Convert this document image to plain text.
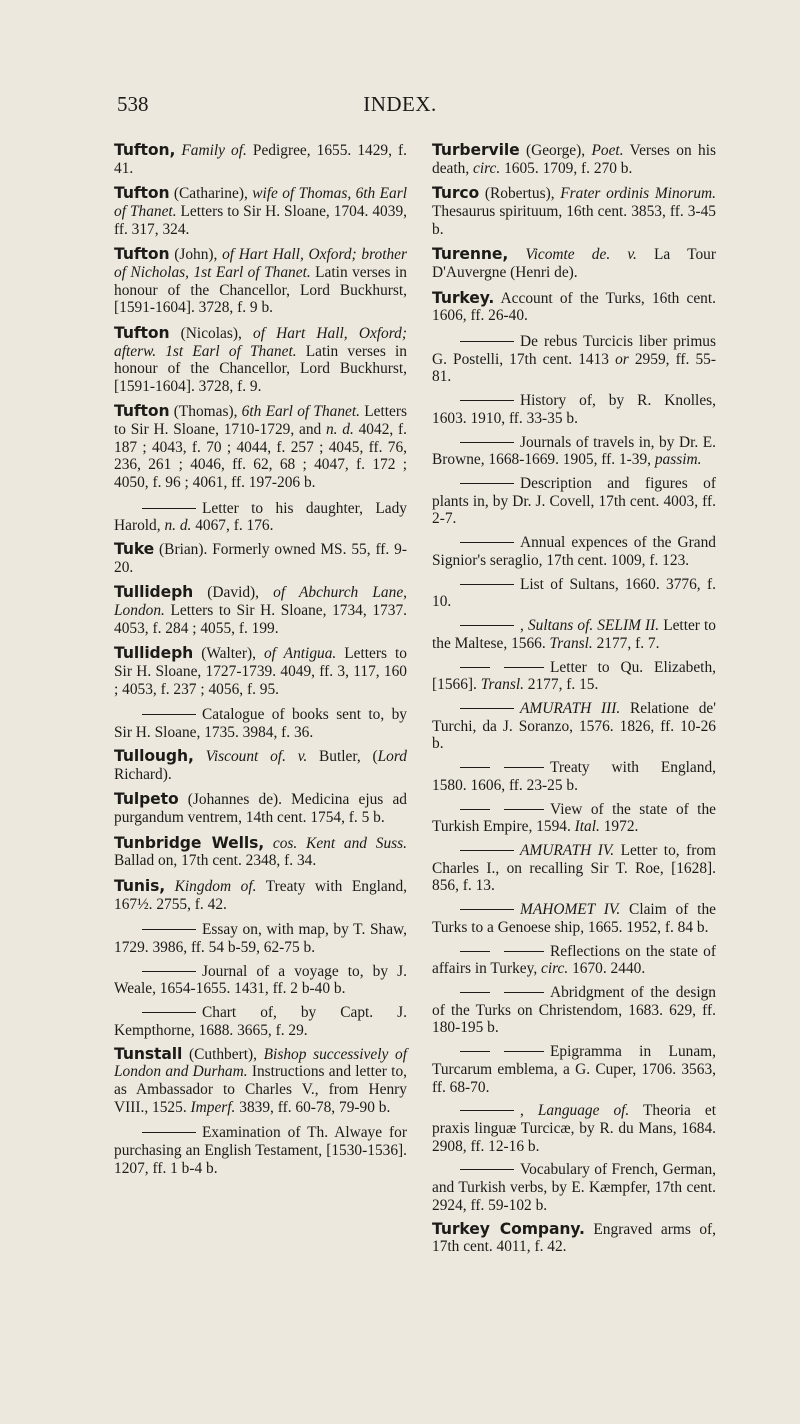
538	INDEX.

Tufton, Family of. Pedigree, 1655. 1429, f. 41.

Tufton (Catharine), wife of Thomas, 6th Earl of Thanet. Letters to Sir H. Sloane, 1704. 4039, ff. 317, 324.

Tufton (John), of Hart Hall, Oxford; brother of Nicholas, 1st Earl of Thanet. Latin verses in honour of the Chancellor, Lord Buckhurst, [1591-1604]. 3728, f. 9 b.

Tufton (Nicolas), of Hart Hall, Oxford; afterw. 1st Earl of Thanet. Latin verses in honour of the Chancellor, Lord Buckhurst, [1591-1604]. 3728, f. 9.

Tufton (Thomas), 6th Earl of Thanet. Letters to Sir H. Sloane, 1710-1729, and n. d. 4042, f. 187 ; 4043, f. 70 ; 4044, f. 257 ; 4045, ff. 76, 236, 261 ; 4046, ff. 62, 68 ; 4047, f. 172 ; 4050, f. 96 ; 4061, ff. 197-206 b.

Letter to his daughter, Lady Harold, n. d. 4067, f. 176.

Tuke (Brian). Formerly owned MS. 55, ff. 9-20.

Tullideph (David), of Abchurch Lane, London. Letters to Sir H. Sloane, 1734, 1737. 4053, f. 284 ; 4055, f. 199.

Tullideph (Walter), of Antigua. Letters to Sir H. Sloane, 1727-1739. 4049, ff. 3, 117, 160 ; 4053, f. 237 ; 4056, f. 95.

Catalogue of books sent to, by Sir H. Sloane, 1735. 3984, f. 36.

Tullough, Viscount of. v. Butler, (Lord Richard).

Tulpeto (Johannes de). Medicina ejus ad purgandum ventrem, 14th cent. 1754, f. 5 b.

Tunbridge Wells, cos. Kent and Suss. Ballad on, 17th cent. 2348, f. 34.

Tunis, Kingdom of. Treaty with England, 167½. 2755, f. 42.

Essay on, with map, by T. Shaw, 1729. 3986, ff. 54 b-59, 62-75 b.

Journal of a voyage to, by J. Weale, 1654-1655. 1431, ff. 2 b-40 b.

Chart of, by Capt. J. Kempthorne, 1688. 3665, f. 29.

Tunstall (Cuthbert), Bishop successively of London and Durham. Instructions and letter to, as Ambassador to Charles V., from Henry VIII., 1525. Imperf. 3839, ff. 60-78, 79-90 b.

Examination of Th. Alwaye for purchasing an English Testament, [1530-1536]. 1207, ff. 1 b-4 b.

Turbervile (George), Poet. Verses on his death, circ. 1605. 1709, f. 270 b.

Turco (Robertus), Frater ordinis Minorum. Thesaurus spirituum, 16th cent. 3853, ff. 3-45 b.

Turenne, Vicomte de. v. La Tour D'Auvergne (Henri de).

Turkey. Account of the Turks, 16th cent. 1606, ff. 26-40.

De rebus Turcicis liber primus G. Postelli, 17th cent. 1413 or 2959, ff. 55-81.

History of, by R. Knolles, 1603. 1910, ff. 33-35 b.

Journals of travels in, by Dr. E. Browne, 1668-1669. 1905, ff. 1-39, passim.

Description and figures of plants in, by Dr. J. Covell, 17th cent. 4003, ff. 2-7.

Annual expences of the Grand Signior's seraglio, 17th cent. 1009, f. 123.

List of Sultans, 1660. 3776, f. 10.

, Sultans of. SELIM II. Letter to the Maltese, 1566. Transl. 2177, f. 7.

Letter to Qu. Elizabeth, [1566]. Transl. 2177, f. 15.

AMURATH III. Relatione de' Turchi, da J. Soranzo, 1576. 1826, ff. 10-26 b.

Treaty with England, 1580. 1606, ff. 23-25 b.

View of the state of the Turkish Empire, 1594. Ital. 1972.

AMURATH IV. Letter to, from Charles I., on recalling Sir T. Roe, [1628]. 856, f. 13.

MAHOMET IV. Claim of the Turks to a Genoese ship, 1665. 1952, f. 84 b.

Reflections on the state of affairs in Turkey, circ. 1670. 2440.

Abridgment of the design of the Turks on Christendom, 1683. 629, ff. 180-195 b.

Epigramma in Lunam, Turcarum emblema, a G. Cuper, 1706. 3563, ff. 68-70.

, Language of. Theoria et praxis linguæ Turcicæ, by R. du Mans, 1684. 2908, ff. 12-16 b.

Vocabulary of French, German, and Turkish verbs, by E. Kæmpfer, 17th cent. 2924, ff. 59-102 b.

Turkey Company. Engraved arms of, 17th cent. 4011, f. 42.
